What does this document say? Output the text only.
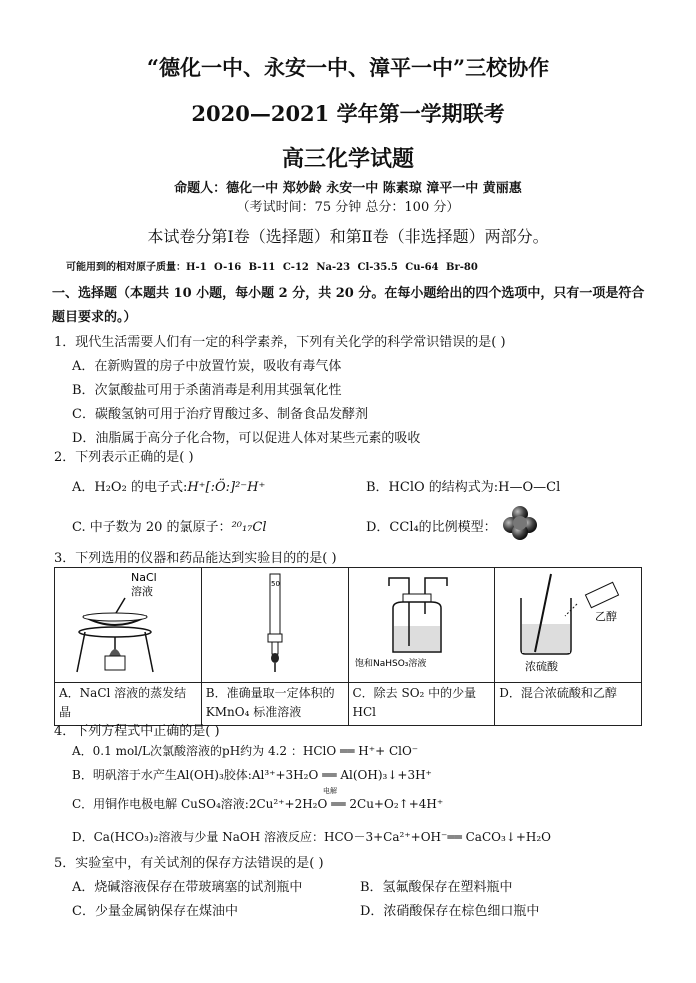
“德化一中、永安一中、漳平一中”三校协作
2020—2021 学年第一学期联考
高三化学试题
命题人：德化一中 郑妙龄 永安一中 陈素琼 漳平一中 黄丽惠
（考试时间：75 分钟 总分：100 分）
本试卷分第Ⅰ卷（选择题）和第Ⅱ卷（非选择题）两部分。
可能用到的相对原子质量：H-1 O-16 B-11 C-12 Na-23 Cl-35.5 Cu-64 Br-80
一、选择题（本题共 10 小题，每小题 2 分，共 20 分。在每小题给出的四个选项中，只有一项是符合题目要求的。）
1．现代生活需要人们有一定的科学素养，下列有关化学的科学常识错误的是( )
A．在新购置的房子中放置竹炭，吸收有毒气体
B．次氯酸盐可用于杀菌消毒是利用其强氧化性
C．碳酸氢钠可用于治疗胃酸过多、制备食品发酵剂
D．油脂属于高分子化合物，可以促进人体对某些元素的吸收
2．下列表示正确的是( )
A．H₂O₂ 的电子式:H⁺[:Ö:]²⁻H⁺	B．HClO 的结构式为:H—O—Cl
C. 中子数为 20 的氯原子：²⁰₁₇Cl	D．CCl₄的比例模型：
3．下列选用的仪器和药品能达到实验目的的是( )
NaCl
溶液	50	饱和NaHSO₃溶液	乙醇
浓硫酸

A．NaCl 溶液的蒸发结晶	B．准确量取一定体积的 KMnO₄ 标准溶液	C．除去 SO₂ 中的少量 HCl	D．混合浓硫酸和乙醇
4．下列方程式中正确的是( )
A．0.1 mol/L次氯酸溶液的pH约为 4.2 ：HClO ══ H⁺+ ClO⁻
B．明矾溶于水产生Al(OH)₃胶体:Al³⁺+3H₂O ══ Al(OH)₃↓+3H⁺
电解
C．用铜作电极电解 CuSO₄溶液:2Cu²⁺+2H₂O ══ 2Cu+O₂↑+4H⁺
D．Ca(HCO₃)₂溶液与少量 NaOH 溶液反应：HCO－3+Ca²⁺+OH⁻══ CaCO₃↓+H₂O
5．实验室中，有关试剂的保存方法错误的是( )
A．烧碱溶液保存在带玻璃塞的试剂瓶中	B．氢氟酸保存在塑料瓶中
C．少量金属钠保存在煤油中	D．浓硝酸保存在棕色细口瓶中
